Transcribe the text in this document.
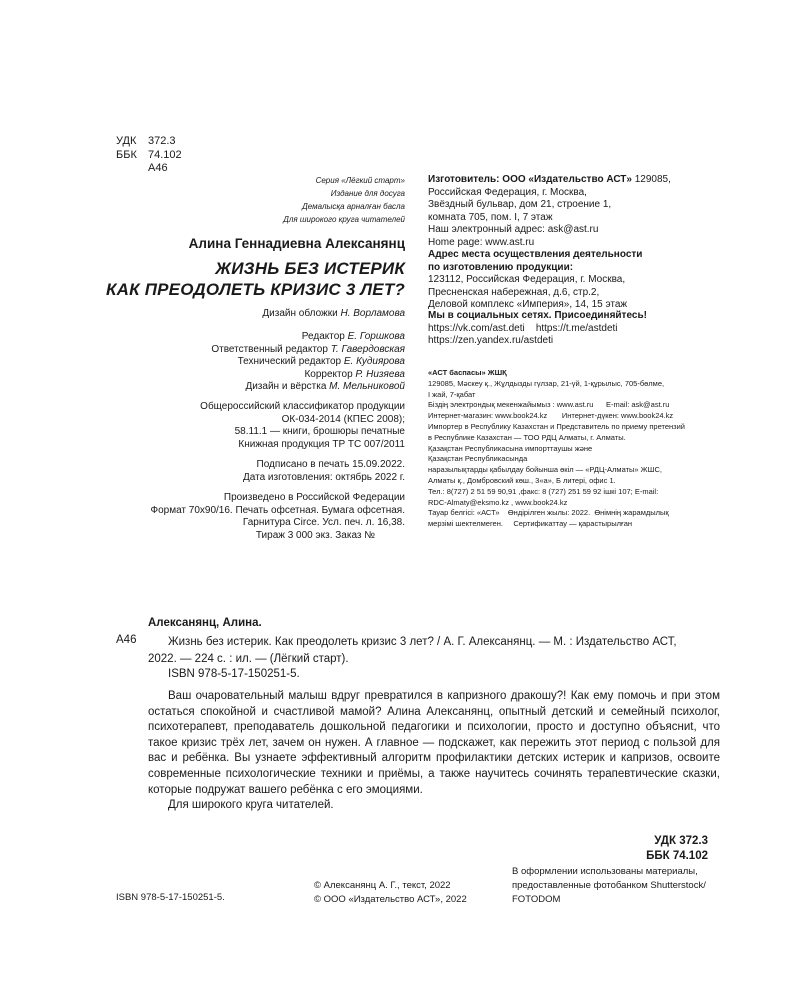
УДК 372.3
ББК 74.102
А46
Серия «Лёгкий старт»
Издание для досуга
Демалысқа арналған басла
Для широкого круга читателей
Алина Геннадиевна Алексанянц
ЖИЗНЬ БЕЗ ИСТЕРИК
КАК ПРЕОДОЛЕТЬ КРИЗИС 3 ЛЕТ?
Дизайн обложки Н. Ворламова
Редактор Е. Горшкова
Ответственный редактор Т. Гавердовская
Технический редактор Е. Кудиярова
Корректор Р. Низяева
Дизайн и вёрстка М. Мельниковой
Общероссийский классификатор продукции
ОК-034-2014 (КПЕС 2008);
58.11.1 — книги, брошюры печатные
Книжная продукция ТР ТС 007/2011
Подписано в печать 15.09.2022.
Дата изготовления: октябрь 2022 г.
Произведено в Российской Федерации
Формат 70x90/16. Печать офсетная. Бумага офсетная.
Гарнитура Circe. Усл. печ. л. 16,38.
Тираж 3 000 экз. Заказ №
Изготовитель: ООО «Издательство АСТ» 129085,
Российская Федерация, г. Москва,
Звёздный бульвар, дом 21, строение 1,
комната 705, пом. I, 7 этаж
Наш электронный адрес: ask@ast.ru
Home page: www.ast.ru
Адрес места осуществления деятельности
по изготовлению продукции:
123112, Российская Федерация, г. Москва,
Пресненская набережная, д.6, стр.2,
Деловой комплекс «Империя», 14, 15 этаж
Мы в социальных сетях. Присоединяйтесь!
https://vk.com/ast.deti    https://t.me/astdeti
https://zen.yandex.ru/astdeti
«АСТ баспасы» ЖШҚ
129085, Мәскеу қ., Жұлдызды гүлзар, 21-үй, 1-құрылыс, 705-бөлме,
I жай, 7-қабат
Біздің электрондық мекенжайымыз : www.ast.ru      E-mail: ask@ast.ru
Интернет-магазин: www.book24.kz       Интернет-дүкен: www.book24.kz
Импортер в Республику Казахстан и Представитель по приему претензий
в Республике Казахстан — ТОО РДЦ Алматы, г. Алматы.
Қазақстан Республикасына импорттаушы және
Қазақстан Республикасында
наразылықтарды қабылдау бойынша өкіл — «РДЦ-Алматы» ЖШС,
Алматы қ., Домбровский көш., 3«а», Б литері, офис 1.
Тел.: 8(727) 2 51 59 90,91 ,факс: 8 (727) 251 59 92 ішкі 107; E-mail:
RDC-Almaty@eksmo.kz , www.book24.kz
Тауар белгісі: «АСТ»    Өндірілген жылы: 2022.  Өнімнің жарамдылық
мерзімі шектелмеген.     Сертификаттау — қарастырылған
Алексанянц, Алина.
А46	Жизнь без истерик. Как преодолеть кризис 3 лет? / А. Г. Алексанянц. — М. : Издательство АСТ, 2022. — 224 с. : ил. — (Лёгкий старт).
ISBN 978-5-17-150251-5.

Ваш очаровательный малыш вдруг превратился в капризного дракошу?! Как ему помочь и при этом остаться спокойной и счастливой мамой? Алина Алексанянц, опытный детский и семейный психолог, психотерапевт, преподаватель дошкольной педагогики и психологии, просто и доступно объясниt, что такое кризис трёх лет, зачем он нужен. А главное — подскажет, как пережить этот период с пользой для вас и ребёнка. Вы узнаете эффективный алгоритм профилактики детских истерик и капризов, освоите современные психологические техники и приёмы, а также научитесь сочинять терапевтические сказки, которые подружат вашего ребёнка с его эмоциями.

Для широкого круга читателей.

УДК 372.3
ББК 74.102
ISBN 978-5-17-150251-5.
© Алексанянц А. Г., текст, 2022
© ООО «Издательство АСТ», 2022
В оформлении использованы материалы,
предоставленные фотобанком Shutterstock/
FOTODOM
